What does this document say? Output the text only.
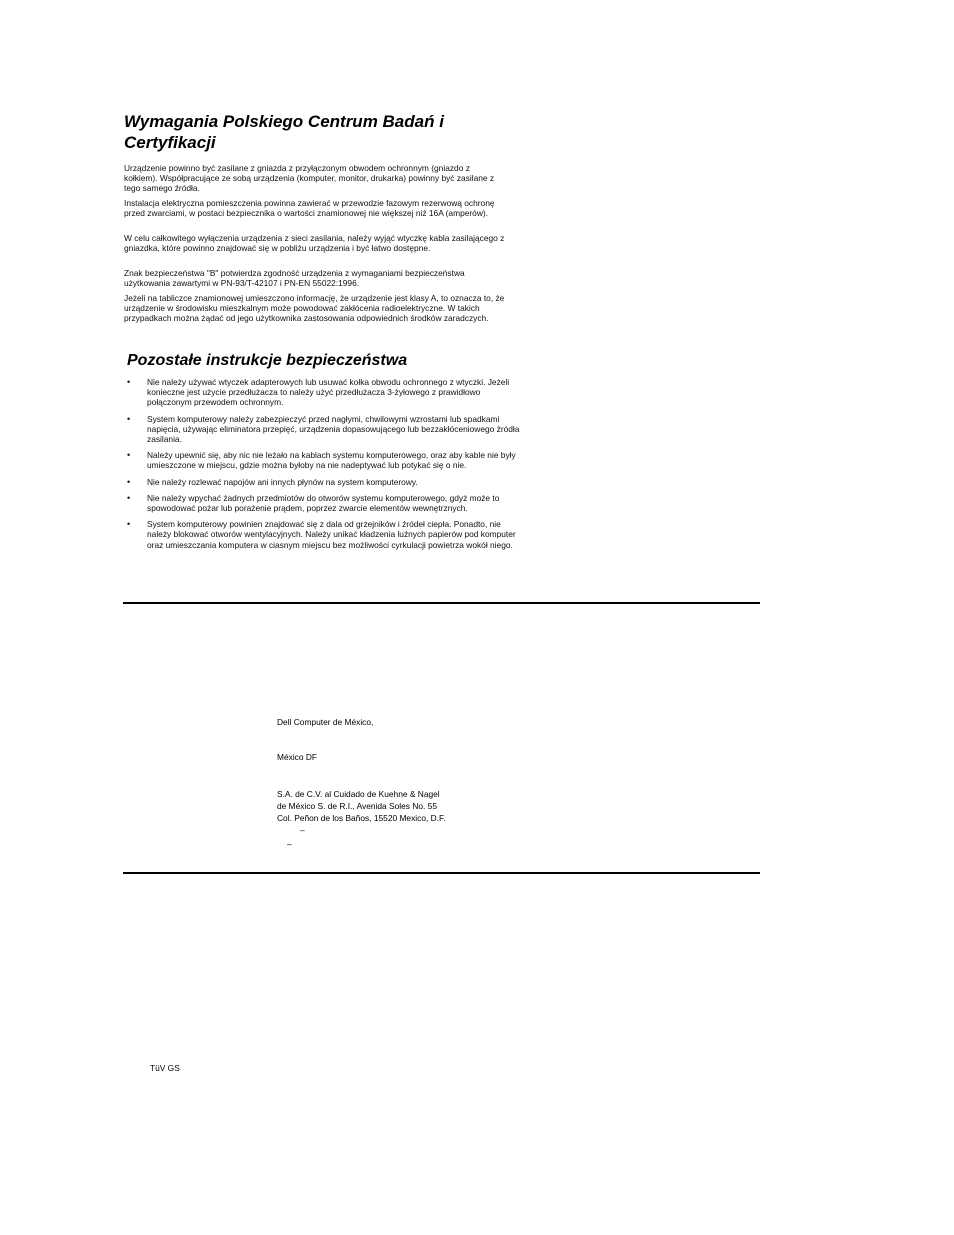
Wymagania Polskiego Centrum Badań i Certyfikacji
Urządzenie powinno być zasilane z gniazda z przyłączonym obwodem ochronnym (gniazdo z kołkiem). Współpracujące ze sobą urządzenia (komputer, monitor, drukarka) powinny być zasilane z tego samego źródła.
Instalacja elektryczna pomieszczenia powinna zawierać w przewodzie fazowym rezerwową ochronę przed zwarciami, w postaci bezpiecznika o wartości znamionowej nie większej niż 16A (amperów).
W celu całkowitego wyłączenia urządzenia z sieci zasilania, należy wyjąć wtyczkę kabla zasilającego z gniazdka, które powinno znajdować się w pobliżu urządzenia i być łatwo dostępne.
Znak bezpieczeństwa "B" potwierdza zgodność urządzenia z wymaganiami bezpieczeństwa użytkowania zawartymi w PN-93/T-42107 i PN-EN 55022:1996.
Jeżeli na tabliczce znamionowej umieszczono informację, że urządzenie jest klasy A, to oznacza to, że urządzenie w środowisku mieszkalnym może powodować zakłócenia radioelektryczne. W takich przypadkach można żądać od jego użytkownika zastosowania odpowiednich środków zaradczych.
Pozostałe instrukcje bezpieczeństwa
• Nie należy używać wtyczek adapterowych lub usuwać kołka obwodu ochronnego z wtyczki. Jeżeli konieczne jest użycie przedłużacza to należy użyć przedłużacza 3-żyłowego z prawidłowo połączonym przewodem ochronnym.
• System komputerowy należy zabezpieczyć przed nagłymi, chwilowymi wzrostami lub spadkami napięcia, używając eliminatora przepięć, urządzenia dopasowującego lub bezzakłóceniowego źródła zasilania.
• Należy upewnić się, aby nic nie leżało na kablach systemu komputerowego, oraz aby kable nie były umieszczone w miejscu, gdzie można byłoby na nie nadeptywać lub potykać się o nie.
• Nie należy rozlewać napojów ani innych płynów na system komputerowy.
• Nie należy wpychać żadnych przedmiotów do otworów systemu komputerowego, gdyż może to spowodować pożar lub porażenie prądem, poprzez zwarcie elementów wewnętrznych.
• System komputerowy powinien znajdować się z dala od grzejników i źródeł ciepła. Ponadto, nie należy blokować otworów wentylacyjnych. Należy unikać kładzenia luźnych papierów pod komputer oraz umieszczania komputera w ciasnym miejscu bez możliwości cyrkulacji powietrza wokół niego.
Dell Computer de México,
México DF
S.A. de C.V. al Cuidado de Kuehne & Nagel
de México S. de R.I., Avenida Soles No. 55
Col. Peñon de los Baños, 15520 Mexico, D.F.
–
–
TüV GS
